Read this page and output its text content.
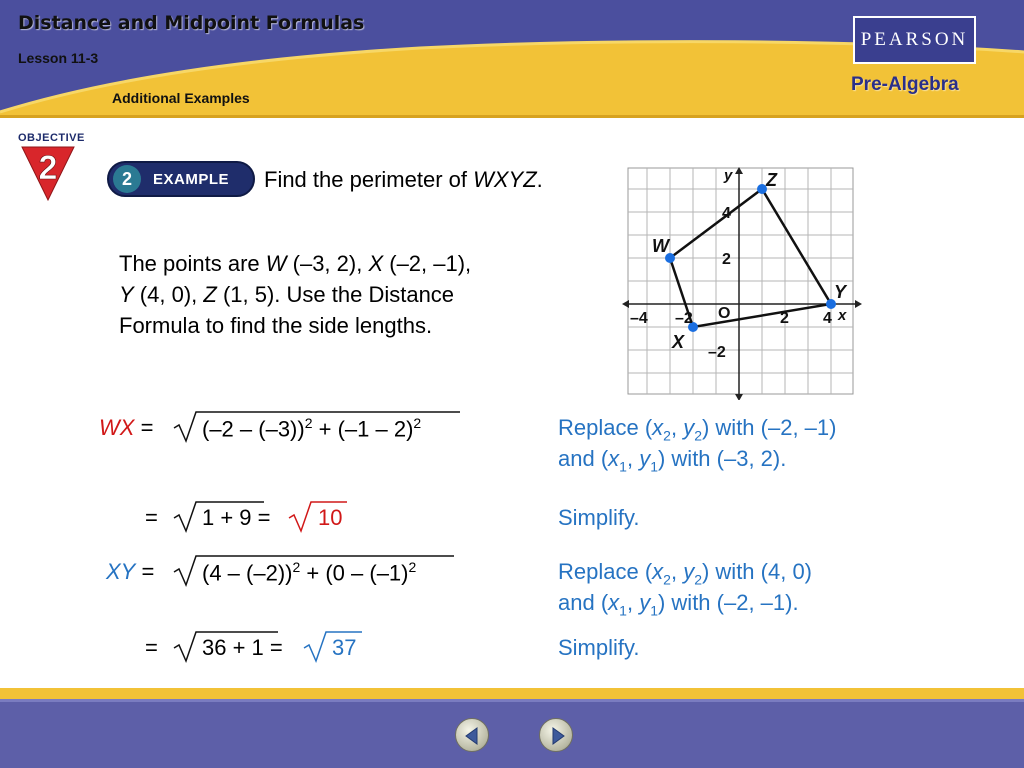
Distance and Midpoint Formulas
Lesson 11-3
Additional Examples
PEARSON
Pre-Algebra
OBJECTIVE
2	2	EXAMPLE Find the perimeter of WXYZ.
The points are W (–3, 2), X (–2, –1),
Y (4, 0), Z (1, 5). Use the Distance
Formula to find the side lengths.
y
x
O
–4 –2	2 4
4
2
–2
W
X
Y
Z
WX = (–2 – (–3))$^2$ + (–1 – 2)$^2$	Replace ($x_2$, $y_2$) with (–2, –1)
and ($x_1$, $y_1$) with (–3, 2).
= 1 + 9 = 10	Simplify.
XY = $(4 - (-2))^2 + (0 - (-1)^2$	Replace ($x_2$, $y_2$) with (4, 0)
and ($x_1$, $y_1$) with (–2, –1).
= 36 + 1 = 37	Simplify.
